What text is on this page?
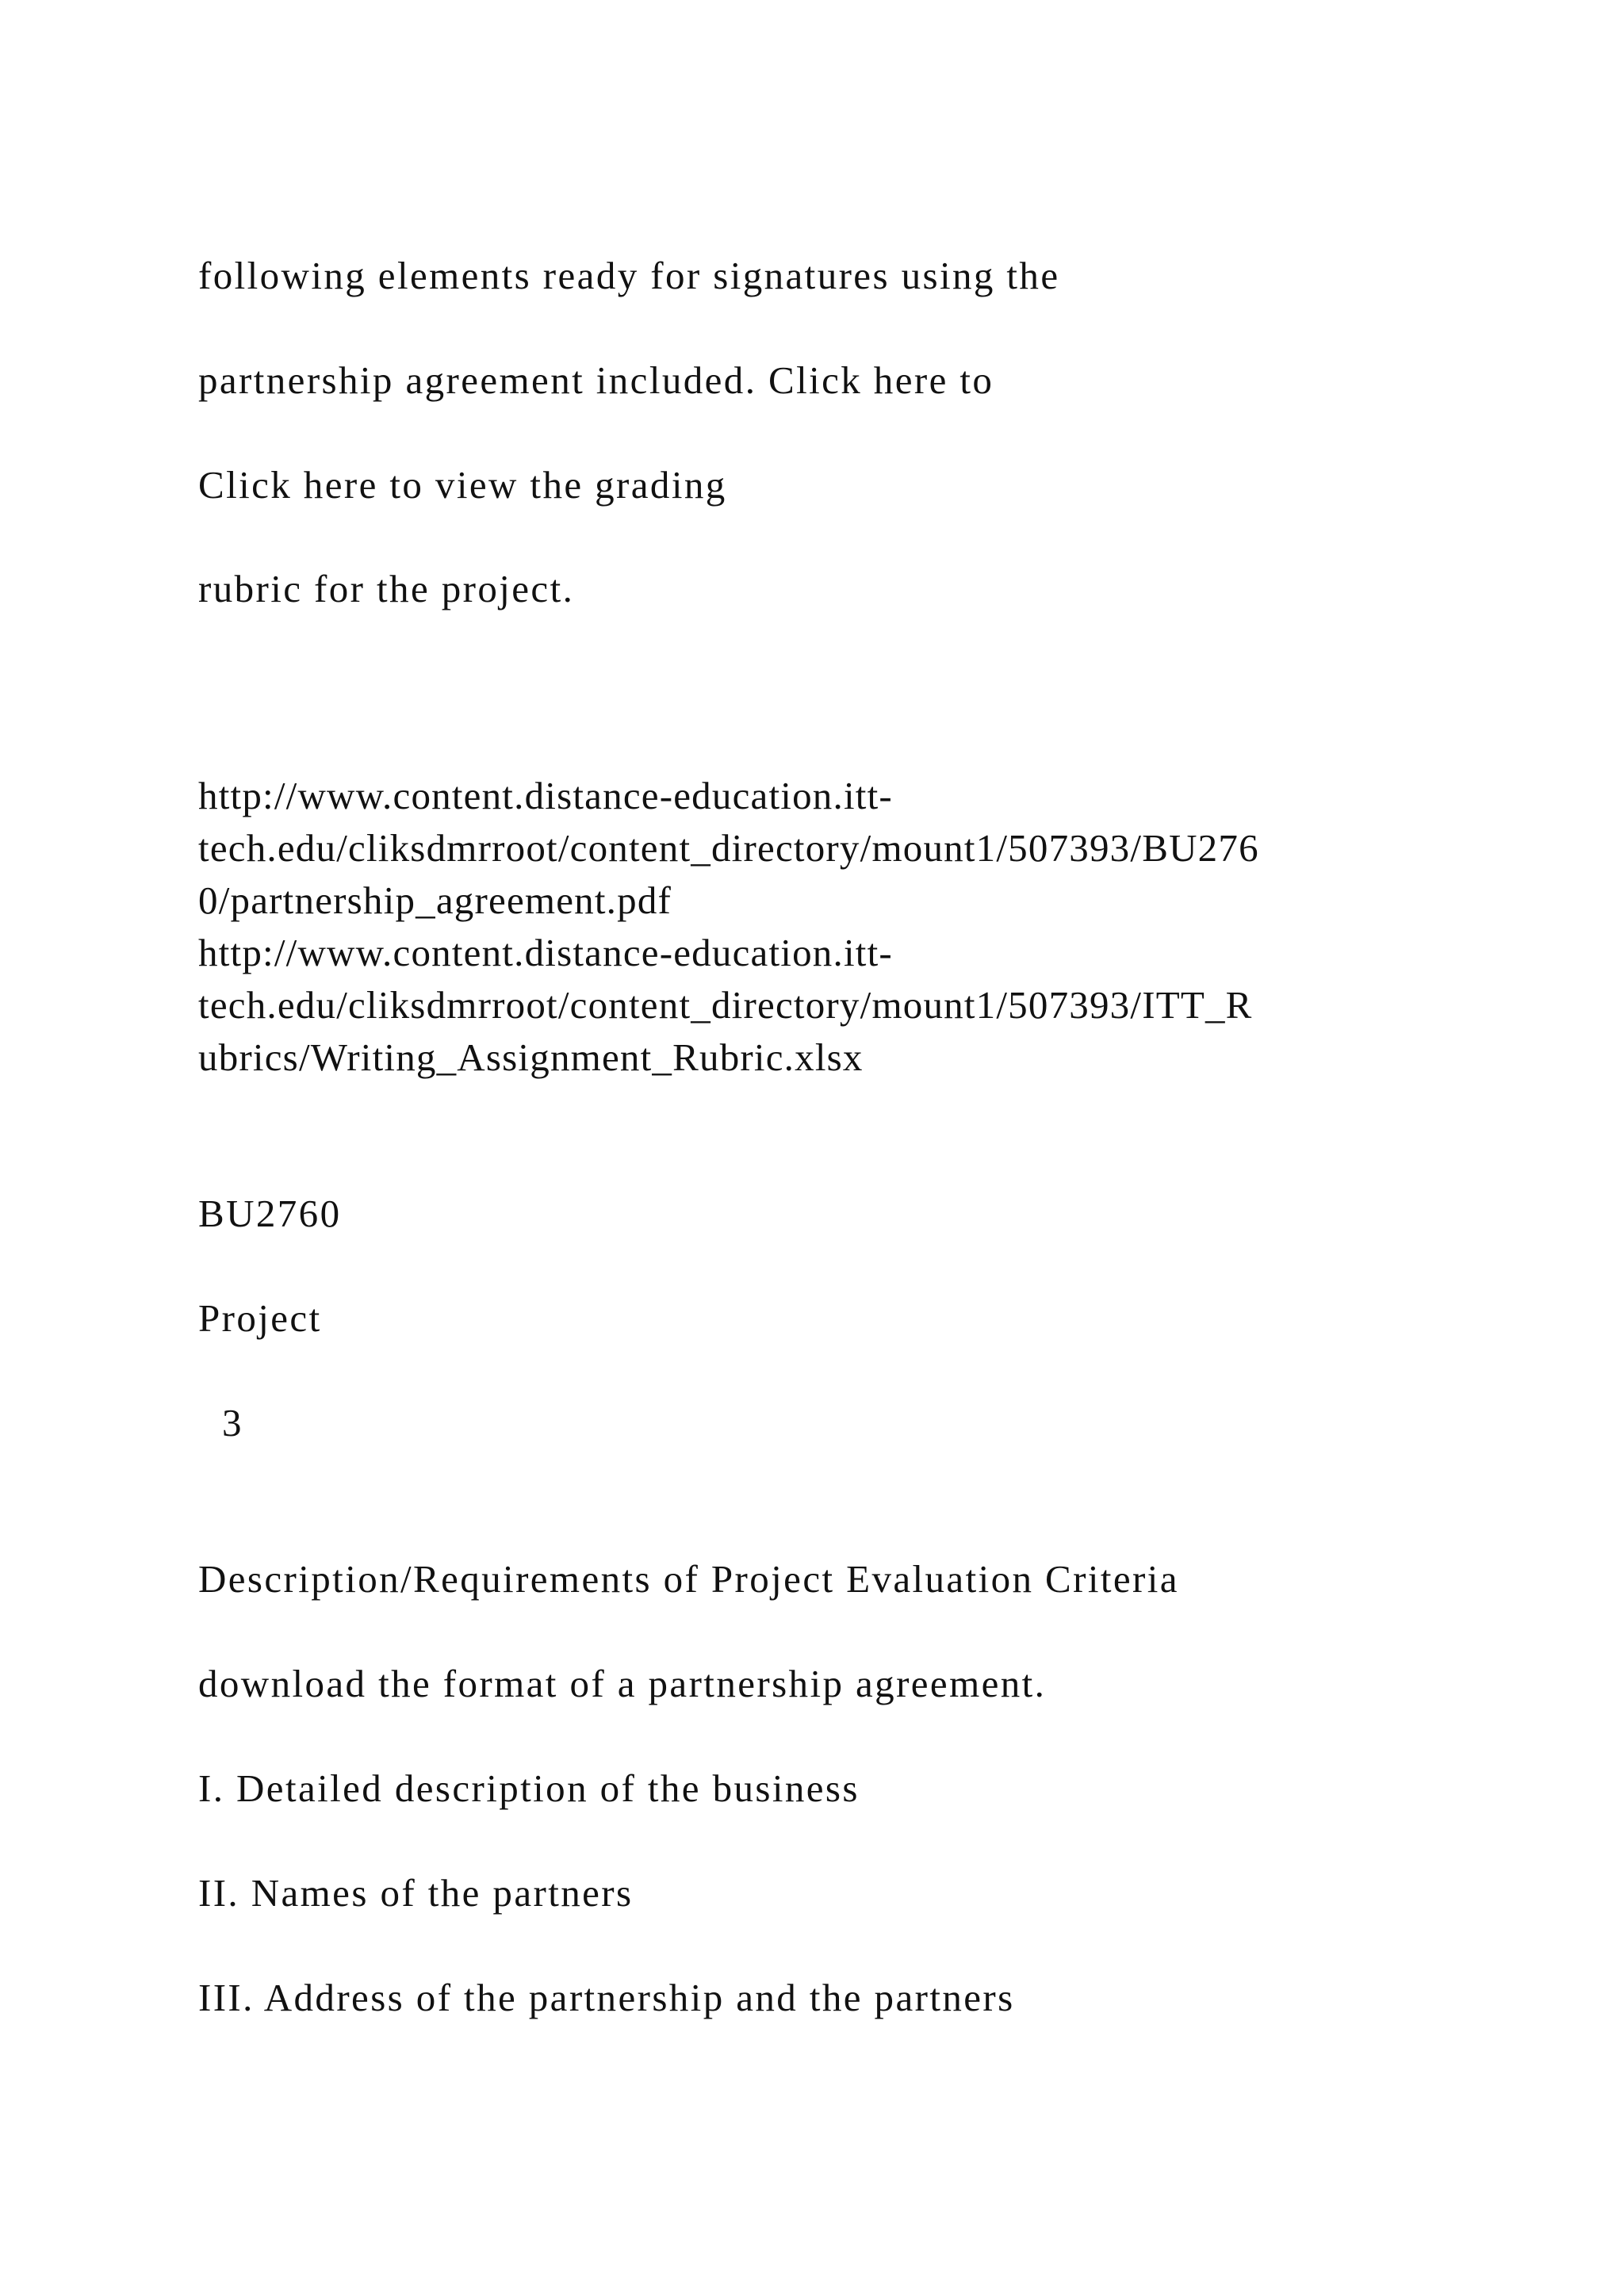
following elements ready for signatures using the
partnership agreement included. Click here to
Click here to view the grading
rubric for the project.
http://www.content.distance-education.itt-
tech.edu/cliksdmrroot/content_directory/mount1/507393/BU276
0/partnership_agreement.pdf
http://www.content.distance-education.itt-
tech.edu/cliksdmrroot/content_directory/mount1/507393/ITT_R
ubrics/Writing_Assignment_Rubric.xlsx
BU2760
Project
3
Description/Requirements of Project Evaluation Criteria
download the format of a partnership agreement.
I. Detailed description of the business
II. Names of the partners
III. Address of the partnership and the partners
